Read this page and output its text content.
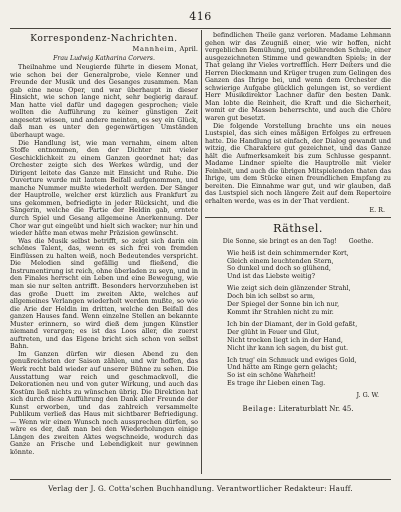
416
Korrespondenz-Nachrichten.
Mannheim, April.
Frau Ludwig Katharina Corvers.

Theilnahme und Neugierde führte in diesem Monat, wie schon bei der Generalprobe, viele Kenner und Freunde der Musik und des Gesanges zusammen. Man gab eine neue Oper, und war überhaupt in dieser Hinsicht, wie schon lange nicht, sehr begierig darauf. Man hatte viel dafür und dagegen gesprochen; viele wollten die Aufführung zu keiner günstigen Zeit angesetzt wissen, und andere meinten, es sey ein Glück, daß man es unter den gegenwärtigen Umständen überhaupt wage.

Die Handlung ist, wie man vernahm, einem alten Stoffe entnommen, den der Dichter mit vieler Geschicklichkeit zu einem Ganzen geordnet hat; das Orchester zeigte sich des Werkes würdig, und der Dirigent leitete das Ganze mit Einsicht und Ruhe. Die Ouverture wurde mit lautem Beifall aufgenommen, und manche Nummer mußte wiederholt werden. Der Sänger der Hauptrolle, welcher erst kürzlich aus Frankfurt zu uns gekommen, befriedigte in jeder Rücksicht, und die Sängerin, welche die Partie der Heldin gab, erntete durch Spiel und Gesang allgemeine Anerkennung. Der Chor war gut eingeübt und hielt sich wacker; nur hin und wieder hätte man etwas mehr Präzision gewünscht.

Was die Musik selbst betrifft, so zeigt sich darin ein schönes Talent, das, wenn es sich frei von fremden Einflüssen zu halten weiß, noch Bedeutendes verspricht. Die Melodien sind gefällig und fließend, die Instrumentirung ist reich, ohne überladen zu seyn, und in den Finales herrscht ein Leben und eine Bewegung, wie man sie nur selten antrifft. Besonders hervorzuheben ist das große Duett im zweiten Akte, welches auf allgemeines Verlangen wiederholt werden mußte, so wie die Arie der Heldin im dritten, welche den Beifall des ganzen Hauses fand. Wenn einzelne Stellen an bekannte Muster erinnern, so wird dieß dem jungen Künstler niemand verargen; es ist das Loos aller, die zuerst auftreten, und das Eigene bricht sich schon von selbst Bahn.

Im Ganzen dürfen wir diesen Abend zu den genußreichsten der Saison zählen, und wir hoffen, das Werk recht bald wieder auf unserer Bühne zu sehen. Die Ausstattung war reich und geschmackvoll, die Dekorationen neu und von guter Wirkung, und auch das Kostüm ließ nichts zu wünschen übrig. Die Direktion hat sich durch diese Aufführung den Dank aller Freunde der Kunst erworben, und das zahlreich versammelte Publikum verließ das Haus mit sichtbarer Befriedigung. — Wenn wir einen Wunsch noch aussprechen dürfen, so wäre es der, daß man bei den Wiederholungen einige Längen des zweiten Aktes wegschneide, wodurch das Ganze an Frische und Lebendigkeit nur gewinnen könnte.

befindlichen Theile ganz verloren. Madame Lehmann gehen wir das Zeugniß einer, wie wir hoffen, nicht vergeblichen Bemühung, und gebührenden Schule, einer ausgezeichneten Stimme und gewandten Spiels; in der That gelang ihr Vieles vortrefflich. Herr Deiters und die Herren Dieckmann und Krüger trugen zum Gelingen des Ganzen das Ihrige bei, und wenn dem Orchester die schwierige Aufgabe glücklich gelungen ist, so verdient Herr Musikdirektor Lachner dafür den besten Dank. Man lobte die Reinheit, die Kraft und die Sicherheit, womit er die Massen beherrschte, und auch die Chöre waren gut besetzt.

Die folgende Vorstellung brachte uns ein neues Lustspiel, das sich eines mäßigen Erfolges zu erfreuen hatte. Die Handlung ist einfach, der Dialog gewandt und witzig, die Charaktere gut gezeichnet, und das Ganze hält die Aufmerksamkeit bis zum Schlusse gespannt. Madame Lindner spielte die Hauptrolle mit vieler Feinheit, und auch die übrigen Mitspielenden thaten das Ihrige, um dem Stücke einen freundlichen Empfang zu bereiten. Die Einnahme war gut, und wir glauben, daß das Lustspiel sich noch längere Zeit auf dem Repertoire erhalten werde, was es in der That verdient.

E. R.
Räthsel.
Die Sonne, sie bringt es an den Tag! Goethe.
Wie heiß ist dein schimmernder Kort,
Gleich einem leuchtenden Stern,
So dunkel und doch so glühend,
Und ist das Liebste weitig?
Wie zeigt sich dein glänzender Strahl,
Doch bin ich selbst so arm,
Der Spiegel der Sonne bin ich nur,
Kommt ihr Strahlen nicht zu mir.
Ich bin der Diamant, der in Gold gefaßt,
Der glüht in Feuer und Glut,
Nicht trocken liegt ich in der Hand,
Nicht ihr kann ich sagen, du bist gut.
Ich trug' ein Schmuck und ewiges Gold,
Und hätte am Ringe gern gelacht;
So ist ein schöne Wahrheit!
Es trage ihr Lieben einen Tag.
J. G. W.
Beilage: Literaturblatt Nr. 45.
Verlag der J. G. Cotta'schen Buchhandlung. Verantwortlicher Redakteur: Hauff.
